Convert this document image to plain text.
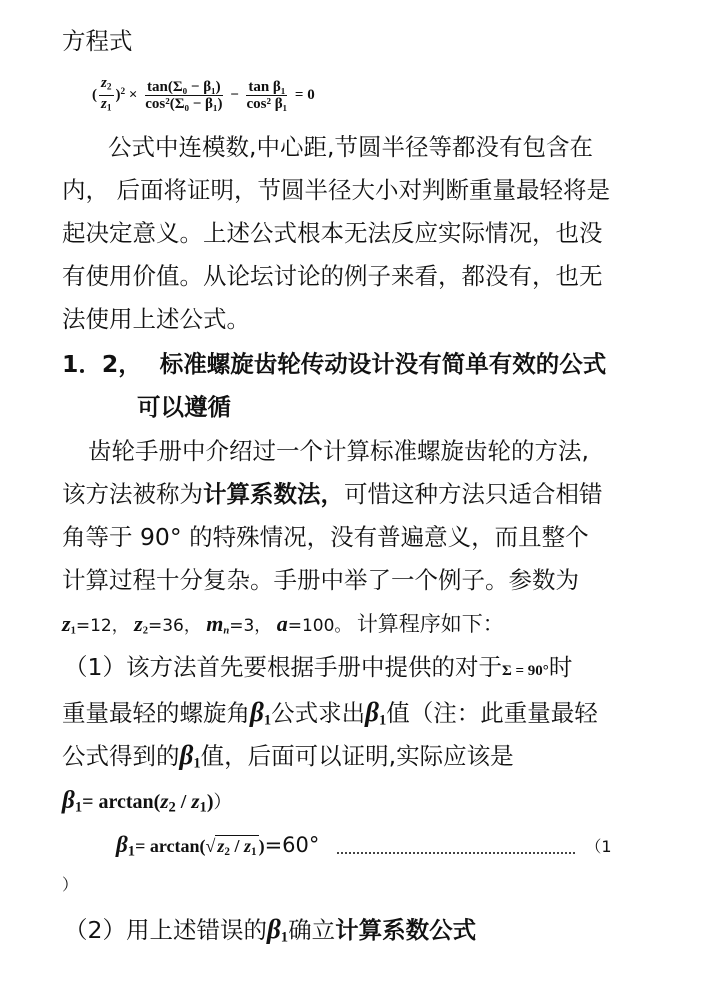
方程式
( $\frac{z_2}{z_1} )^2 \times \frac{\text{tan(Σ₀ − β₁)}}{\text{cos²(Σ₀ − β₁)}} - \frac{\text{tan β₁}}{\text{cos² β₁}} = 0$
公式中连模数,中心距,节圆半径等都没有包含在
内， 后面将证明，节圆半径大小对判断重量最轻将是
起决定意义。上述公式根本无法反应实际情况，也没
有使用价值。从论坛讨论的例子来看，都没有，也无
法使用上述公式。
1．2， 标准螺旋齿轮传动设计没有简单有效的公式
可以遵循
齿轮手册中介绍过一个计算标准螺旋齿轮的方法,
该方法被称为计算系数法，可惜这种方法只适合相错
角等于 90° 的特殊情况，没有普遍意义，而且整个
计算过程十分复杂。手册中举了一个例子。参数为
$z_1=12$， $z_2=36$， $m_n=3$， a=100。 计算程序如下：
（1）该方法首先要根据手册中提供的对于Σ = 90°时
重量最轻的螺旋角$\beta_1$公式求出$\beta_1$值（注：此重量最轻
公式得到的$\beta_1$值，后面可以证明,实际应该是
$\beta_1= \arctan(z_2 / z_1)$）
$\beta_1= \arctan(√$ $z_2 / z_1$ )=60°	（1
）
（2）用上述错误的$\beta_1$确立计算系数公式
